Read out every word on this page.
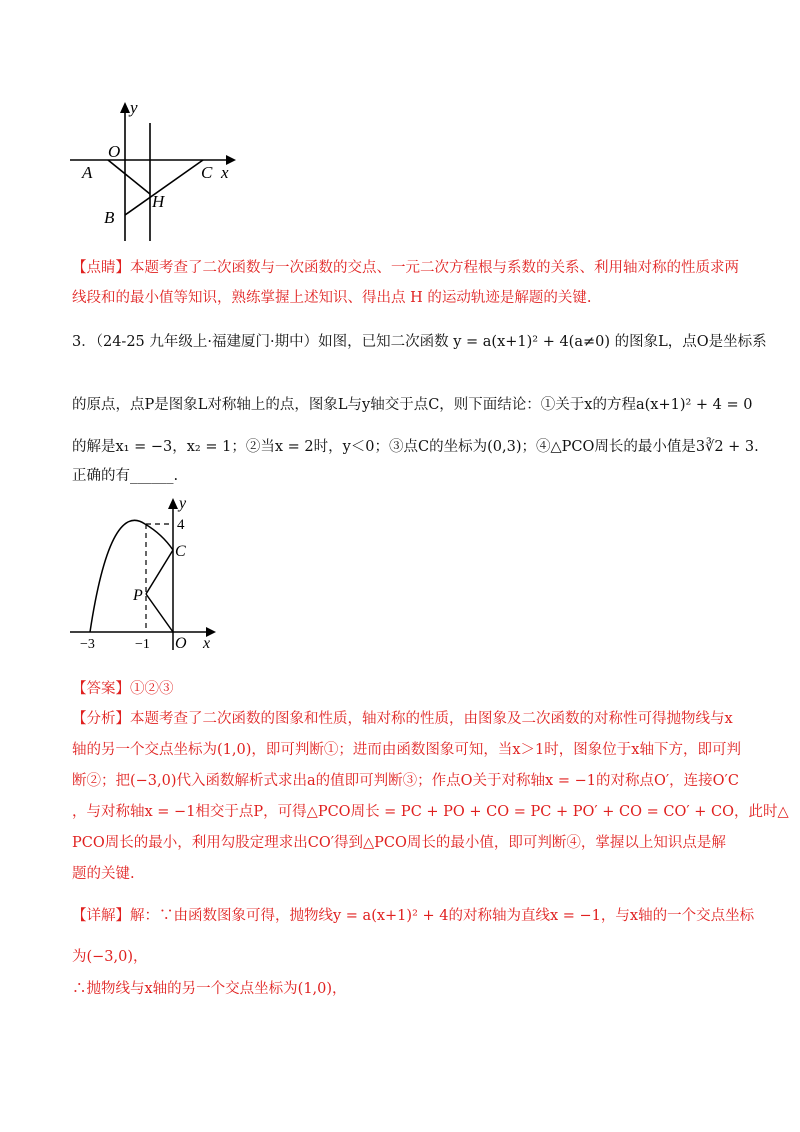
y
O
A	C x
H
B
【点睛】本题考查了二次函数与一次函数的交点、一元二次方程根与系数的关系、利用轴对称的性质求两
线段和的最小值等知识，熟练掌握上述知识、得出点 H 的运动轨迹是解题的关键.
3．（24-25 九年级上·福建厦门·期中）如图，已知二次函数 y = a(x+1)² + 4(a≠0) 的图象L，点O是坐标系
的原点，点P是图象L对称轴上的点，图象L与y轴交于点C，则下面结论：①关于x的方程a(x+1)² + 4 = 0
的解是x₁ = −3，x₂ = 1；②当x = 2时，y＜0；③点C的坐标为(0,3)；④△PCO周长的最小值是3∛2 + 3.
正确的有______.
y
4
C
P
−3	−1 O x
【答案】①②③
【分析】本题考查了二次函数的图象和性质，轴对称的性质，由图象及二次函数的对称性可得抛物线与x
轴的另一个交点坐标为(1,0)，即可判断①；进而由函数图象可知，当x＞1时，图象位于x轴下方，即可判
断②；把(−3,0)代入函数解析式求出a的值即可判断③；作点O关于对称轴x = −1的对称点O′，连接O′C
，与对称轴x = −1相交于点P，可得△PCO周长 = PC + PO + CO = PC + PO′ + CO = CO′ + CO，此时△
PCO周长的最小，利用勾股定理求出CO′得到△PCO周长的最小值，即可判断④，掌握以上知识点是解
题的关键.
【详解】解：∵由函数图象可得，抛物线y = a(x+1)² + 4的对称轴为直线x = −1，与x轴的一个交点坐标
为(−3,0)，
∴抛物线与x轴的另一个交点坐标为(1,0)，
